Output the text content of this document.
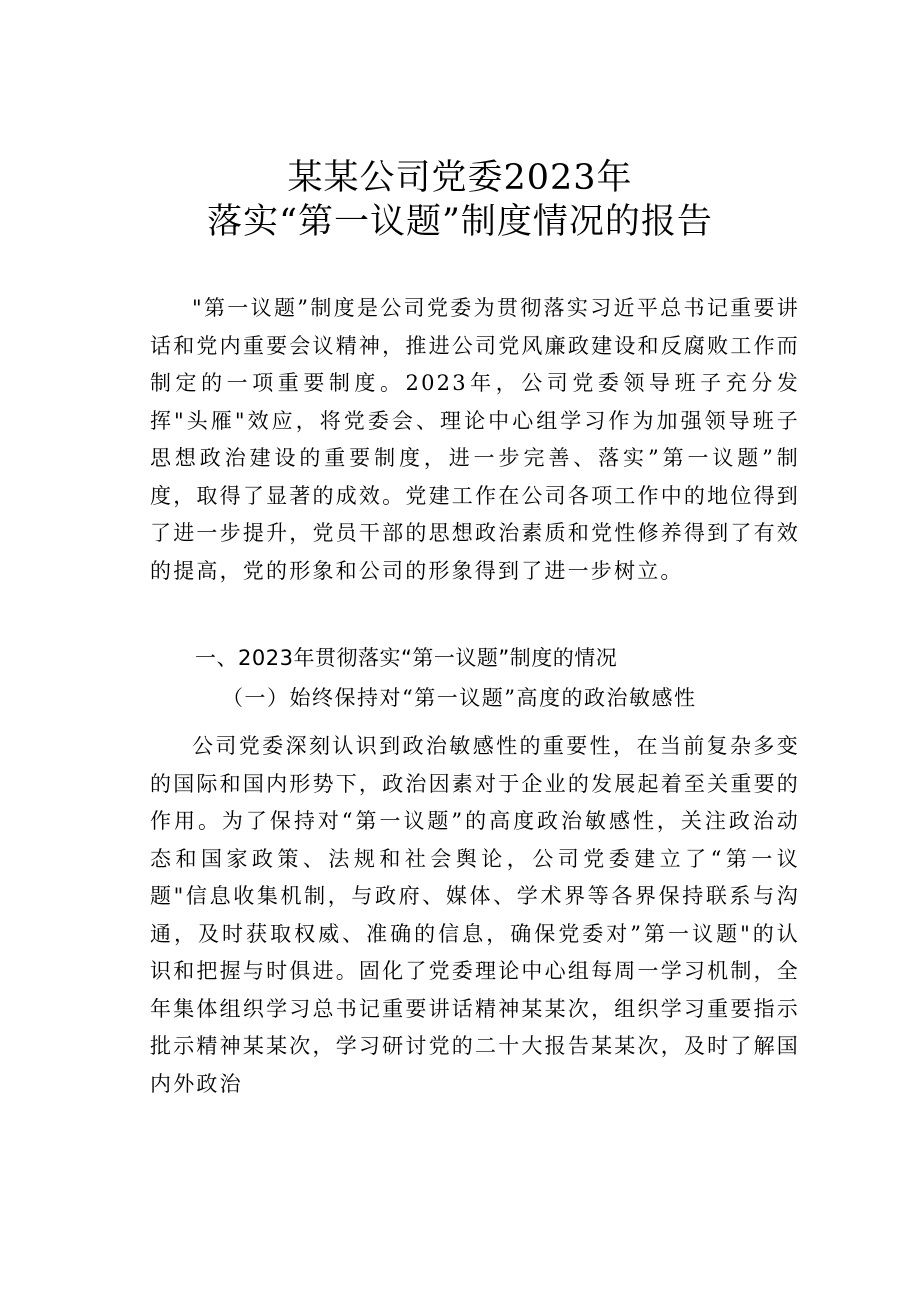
某某公司党委2023年
落实“第一议题”制度情况的报告

"第一议题”制度是公司党委为贯彻落实习近平总书记重要讲话和党内重要会议精神，推进公司党风廉政建设和反腐败工作而制定的一项重要制度。2023年，公司党委领导班子充分发挥"头雁"效应，将党委会、理论中心组学习作为加强领导班子思想政治建设的重要制度，进一步完善、落实”第一议题”制度，取得了显著的成效。党建工作在公司各项工作中的地位得到了进一步提升，党员干部的思想政治素质和党性修养得到了有效的提高，党的形象和公司的形象得到了进一步树立。

一、2023年贯彻落实“第一议题”制度的情况
（一）始终保持对“第一议题”高度的政治敏感性

公司党委深刻认识到政治敏感性的重要性，在当前复杂多变的国际和国内形势下，政治因素对于企业的发展起着至关重要的作用。为了保持对“第一议题”的高度政治敏感性，关注政治动态和国家政策、法规和社会舆论，公司党委建立了“第一议题"信息收集机制，与政府、媒体、学术界等各界保持联系与沟通，及时获取权威、准确的信息，确保党委对”第一议题"的认识和把握与时俱进。固化了党委理论中心组每周一学习机制，全年集体组织学习总书记重要讲话精神某某次，组织学习重要指示批示精神某某次，学习研讨党的二十大报告某某次，及时了解国内外政治
